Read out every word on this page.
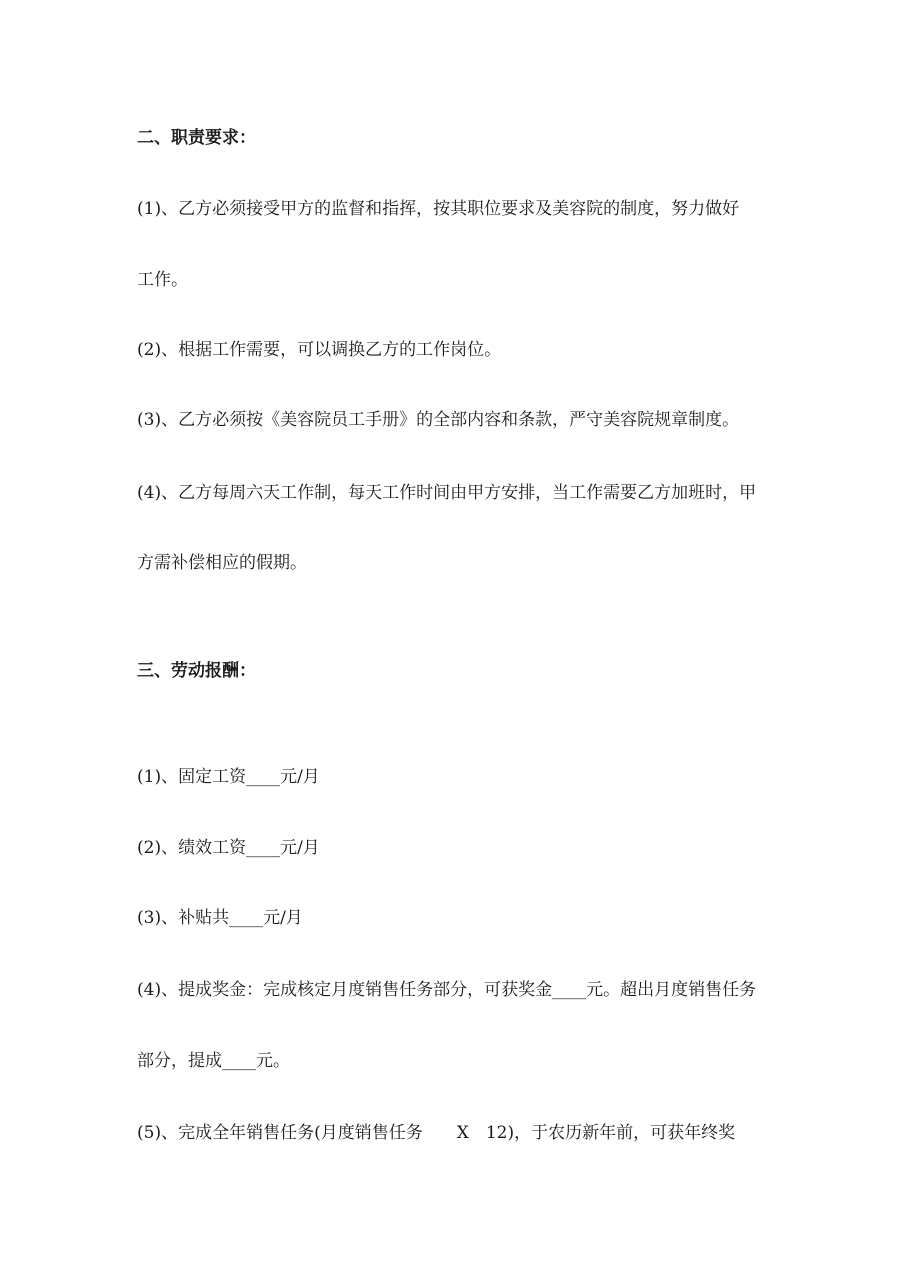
二、职责要求：

(1)、乙方必须接受甲方的监督和指挥，按其职位要求及美容院的制度，努力做好

工作。

(2)、根据工作需要，可以调换乙方的工作岗位。

(3)、乙方必须按《美容院员工手册》的全部内容和条款，严守美容院规章制度。

(4)、乙方每周六天工作制，每天工作时间由甲方安排，当工作需要乙方加班时，甲

方需补偿相应的假期。

三、劳动报酬：

(1)、固定工资____元/月

(2)、绩效工资____元/月

(3)、补贴共____元/月

(4)、提成奖金：完成核定月度销售任务部分，可获奖金____元。超出月度销售任务

部分，提成____元。

(5)、完成全年销售任务(月度销售任务　　X　12)，于农历新年前，可获年终奖
